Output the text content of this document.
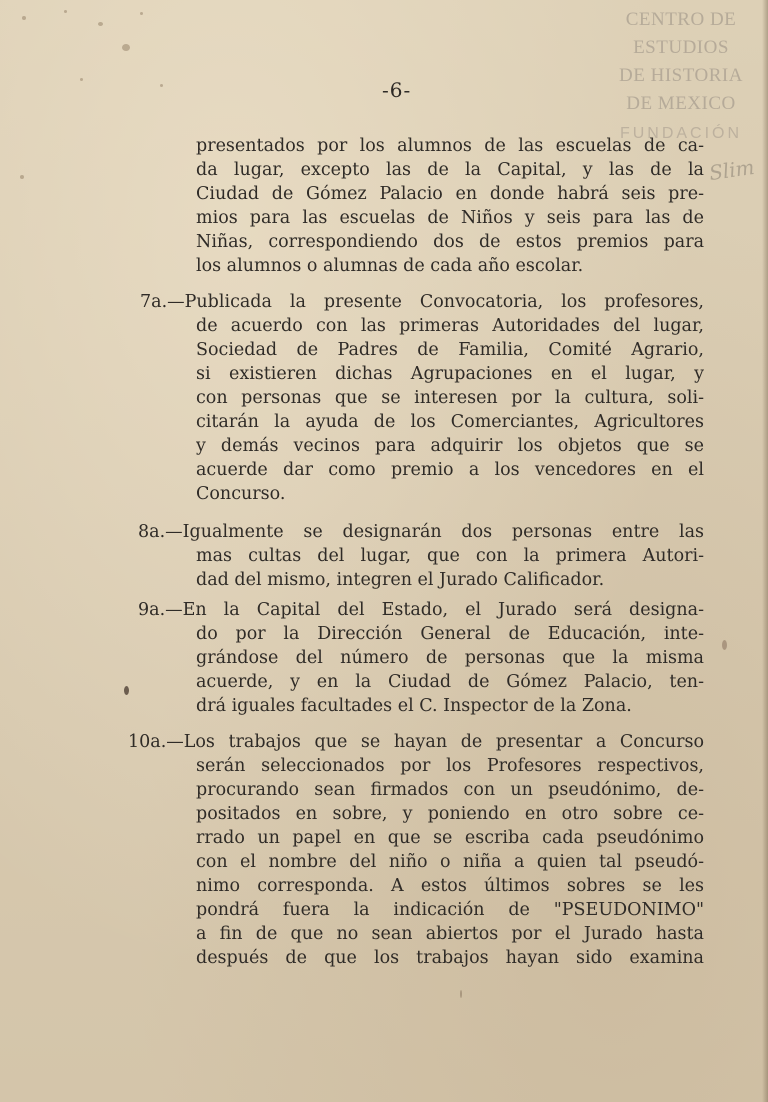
CENTRO DE
ESTUDIOS
DE HISTORIA
DE MEXICO
FUNDACIÓN
Slim
-6-
presentados por los alumnos de las escuelas de ca-
da lugar, excepto las de la Capital, y las de la
Ciudad de Gómez Palacio en donde habrá seis pre-
mios para las escuelas de Niños y seis para las de
Niñas, correspondiendo dos de estos premios para
los alumnos o alumnas de cada año escolar.
7a.—Publicada la presente Convocatoria, los profesores,
de acuerdo con las primeras Autoridades del lugar,
Sociedad de Padres de Familia, Comité Agrario,
si existieren dichas Agrupaciones en el lugar, y
con personas que se interesen por la cultura, soli-
citarán la ayuda de los Comerciantes, Agricultores
y demás vecinos para adquirir los objetos que se
acuerde dar como premio a los vencedores en el
Concurso.
8a.—Igualmente se designarán dos personas entre las
mas cultas del lugar, que con la primera Autori-
dad del mismo, integren el Jurado Calificador.
9a.—En la Capital del Estado, el Jurado será designa-
do por la Dirección General de Educación, inte-
grándose del número de personas que la misma
acuerde, y en la Ciudad de Gómez Palacio, ten-
drá iguales facultades el C. Inspector de la Zona.
10a.—Los trabajos que se hayan de presentar a Concurso
serán seleccionados por los Profesores respectivos,
procurando sean firmados con un pseudónimo, de-
positados en sobre, y poniendo en otro sobre ce-
rrado un papel en que se escriba cada pseudónimo
con el nombre del niño o niña a quien tal pseudó-
nimo corresponda. A estos últimos sobres se les
pondrá fuera la indicación de "PSEUDONIMO"
a fin de que no sean abiertos por el Jurado hasta
después de que los trabajos hayan sido examina
